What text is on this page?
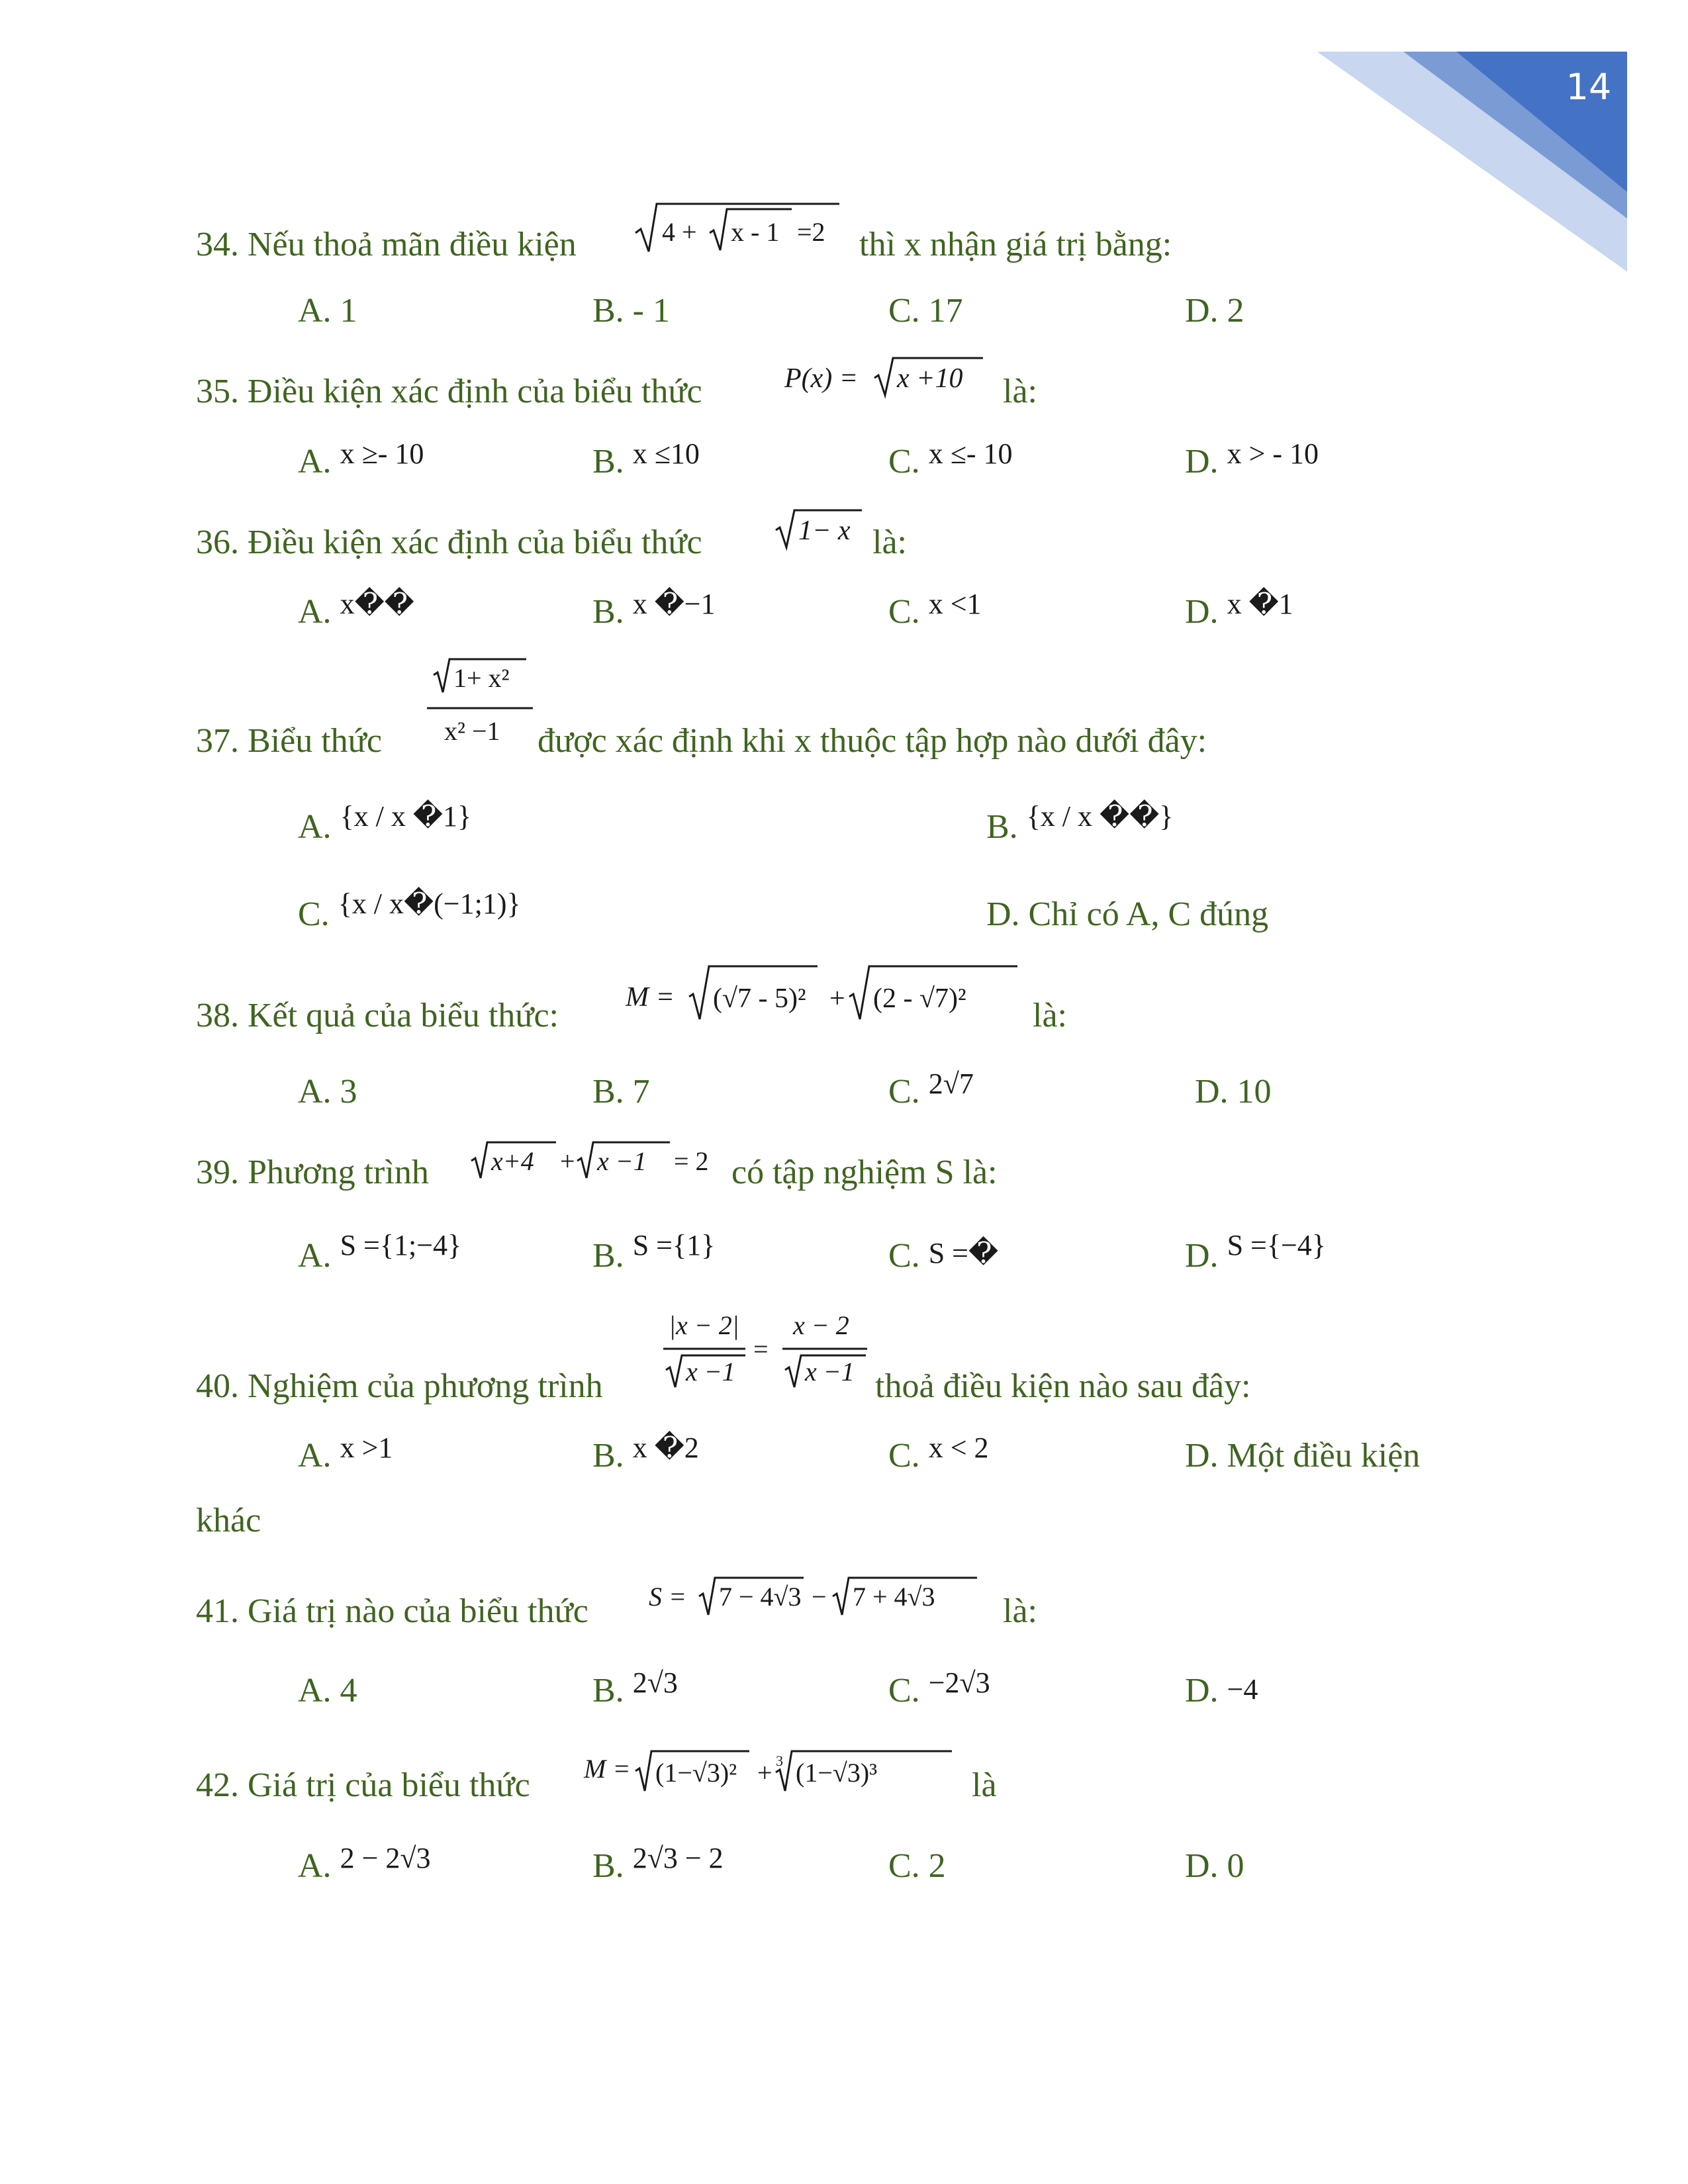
14
34. Nếu thoả mãn điều kiện	4 + x - 1 =2 thì x nhận giá trị bằng:
A. 1	B. - 1	C. 17	D. 2
35. Điều kiện xác định của biểu thức	P(x) = x +10 là:
A. $^{x \ge- 10}$	B. $^{x \le 10}$	C. $^{x \le- 10}$	D. $^{x > - 10}$
36. Điều kiện xác định của biểu thức	1− x là:
A. $^{x��}$	B. $^{x �-1}$	C. $^{x <1}$	D. $^{x �1}$
37. Biểu thức
1+ x²
x² −1 được xác định khi x thuộc tập hợp nào dưới đây:
A. $^{\{x / x �1\}}$	B. $^{\{x / x ��\}}$
C. $^{\{x / x�(-1;1)\}}$	D. Chỉ có A, C đúng
38. Kết quả của biểu thức: M = (√7 - 5)² + (2 - √7)² là:
A. 3	B. 7	C. $^{2√7}$	D. 10
39. Phương trình x+4 + x −1 = 2 có tập nghiệm S là:
A. $^{S =\{1;-4\}}$	B. $^{S =\{1\}}$	C. S =�	D. $^{S =\{-4\}}$
40. Nghiệm của phương trình
|x − 2|
x −1
=
x − 2
x −1 thoả điều kiện nào sau đây:
A. $^{x >1}$	B. $^{x �2}$	C. $^{x < 2}$	D. Một điều kiện
khác
41. Giá trị nào của biểu thức S = 7 − 4√3 − 7 + 4√3 là:
A. 4	B. $^{2√3}$	C. $^{-2√3}$	D. −4
42. Giá trị của biểu thức M = (1−√3)² + 3 (1−√3)³	là
A. $^{2 - 2√3}$	B. $^{2√3 - 2}$	C. 2	D. 0
